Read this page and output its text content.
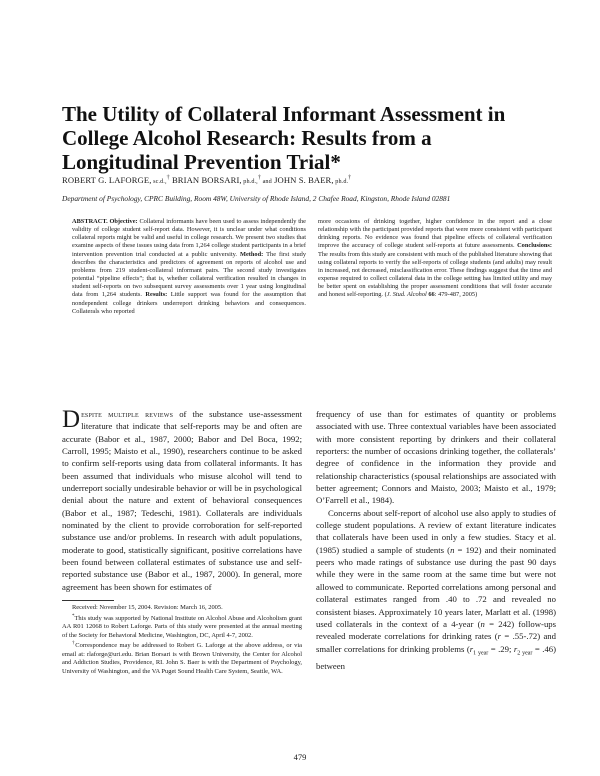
The Utility of Collateral Informant Assessment in College Alcohol Research: Results from a Longitudinal Prevention Trial*
ROBERT G. LAFORGE, sc.d.,† BRIAN BORSARI, ph.d.,† and JOHN S. BAER, ph.d.†
Department of Psychology, CPRC Building, Room 48W, University of Rhode Island, 2 Chafee Road, Kingston, Rhode Island 02881
ABSTRACT. Objective: Collateral informants have been used to assess independently the validity of college student self-report data. However, it is unclear under what conditions collateral reports might be valid and useful in college research. We present two studies that examine aspects of these issues using data from 1,264 college student participants in a brief intervention prevention trial conducted at a public university. Method: The first study describes the characteristics and predictors of agreement on reports of alcohol use and problems from 219 student-collateral informant pairs. The second study investigates potential “pipeline effects”; that is, whether collateral verification resulted in changes in student self-reports on two subsequent survey assessments over 1 year using longitudinal data from 1,264 students. Results: Little support was found for the assumption that nondependent college drinkers underreport drinking behaviors and consequences. Collaterals who reported
more occasions of drinking together, higher confidence in the report and a close relationship with the participant provided reports that were more consistent with participant drinking reports. No evidence was found that pipeline effects of collateral verification improve the accuracy of college student self-reports at future assessments. Conclusions: The results from this study are consistent with much of the published literature showing that using collateral reports to verify the self-reports of college students (and adults) may result in increased, not decreased, misclassification error. These findings suggest that the time and expense required to collect collateral data in the college setting has limited utility and may be better spent on establishing the proper assessment conditions that will foster accurate and honest self-reporting. (J. Stud. Alcohol 66: 479-487, 2005)

Despite multiple reviews of the substance use-assessment literature that indicate that self-reports may be and often are accurate (Babor et al., 1987, 2000; Babor and Del Boca, 1992; Carroll, 1995; Maisto et al., 1990), researchers continue to be asked to confirm self-reports using data from collateral informants. It has been assumed that individuals who misuse alcohol will tend to underreport socially undesirable behavior or will be in psychological denial about the nature and extent of behavioral consequences (Babor et al., 1987; Tedeschi, 1981). Collaterals are individuals nominated by the client to provide corroboration for self-reported substance use and/or problems. In research with adult populations, moderate to good, statistically significant, positive correlations have been found between collateral estimates of substance use and self-reported substance use (Babor et al., 1987, 2000). In general, more agreement has been shown for estimates of

frequency of use than for estimates of quantity or problems associated with use. Three contextual variables have been associated with more consistent reporting by drinkers and their collateral reporters: the number of occasions drinking together, the collaterals’ degree of confidence in the information they provide and relationship characteristics (spousal relationships are associated with better agreement; Connors and Maisto, 2003; Maisto et al., 1979; O’Farrell et al., 1984).

Concerns about self-report of alcohol use also apply to studies of college student populations. A review of extant literature indicates that collaterals have been used in only a few studies. Stacy et al. (1985) studied a sample of students (n = 192) and their nominated peers who made ratings of substance use during the past 90 days while they were in the same room at the same time but were not allowed to communicate. Reported correlations among personal and collateral estimates ranged from .40 to .72 and revealed no consistent biases. Approximately 10 years later, Marlatt et al. (1998) used collaterals in the context of a 4-year (n = 242) follow-ups revealed moderate correlations for drinking rates (r = .55-.72) and smaller correlations for drinking problems ($r_{1 year} = .29$; $r_{2 year} = .46$) between

Received: November 15, 2004. Revision: March 16, 2005.

*This study was supported by National Institute on Alcohol Abuse and Alcoholism grant AA R01 12068 to Robert Laforge. Parts of this study were presented at the annual meeting of the Society for Behavioral Medicine, Washington, DC, April 4-7, 2002.

†Correspondence may be addressed to Robert G. Laforge at the above address, or via email at: rlaforge@uri.edu. Brian Borsari is with Brown University, the Center for Alcohol and Addiction Studies, Providence, RI. John S. Baer is with the Department of Psychology, University of Washington, and the VA Puget Sound Health Care System, Seattle, WA.

479
